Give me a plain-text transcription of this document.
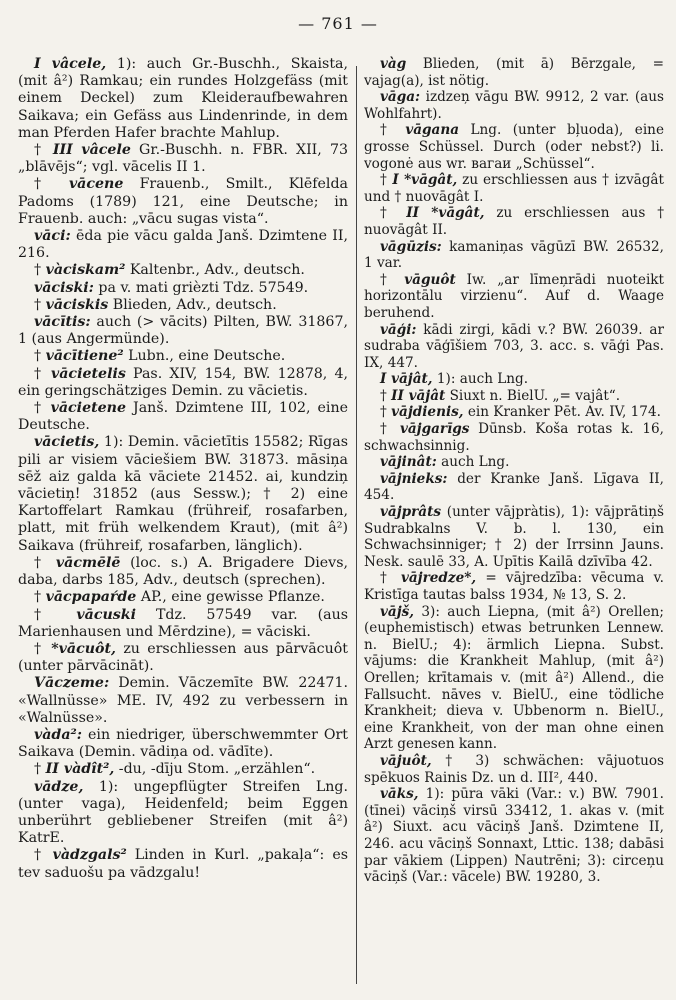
— 761 —

I vâcele, 1): auch Gr.-Buschh., Skaista, (mit â²) Ramkau; ein rundes Holzgefäss (mit einem Deckel) zum Kleideraufbewahren Saikava; ein Gefäss aus Lindenrinde, in dem man Pferden Hafer brachte Mahlup.

† III vâcele Gr.-Buschh. n. FBR. XII, 73 „blāvējs“; vgl. vācelis II 1.

† vācene Frauenb., Smilt., Klēfelda Padoms (1789) 121, eine Deutsche; in Frauenb. auch: „vācu sugas vista“.

vāci: ēda pie vācu galda Janš. Dzimtene II, 216.

† vàciskam² Kaltenbr., Adv., deutsch.

vāciski: pa v. mati grièzti Tdz. 57549.

† vāciskis Blieden, Adv., deutsch.

vācītis: auch (> vācits) Pilten, BW. 31867, 1 (aus Angermünde).

† vācītiene² Lubn., eine Deutsche.

† vācietelis Pas. XIV, 154, BW. 12878, 4, ein geringschätziges Demin. zu vācietis.

† vācietene Janš. Dzimtene III, 102, eine Deutsche.

vācietis, 1): Demin. vācietītis 15582; Rīgas pili ar visiem vāciešiem BW. 31873. māsiņa sēž aiz galda kā vāciete 21452. ai, kundziņ vācietiņ! 31852 (aus Sessw.); † 2) eine Kartoffelart Ramkau (frühreif, rosafarben, platt, mit früh welkendem Kraut), (mit â²) Saikava (frühreif, rosafarben, länglich).

† vācmēlē (loc. s.) A. Brigadere Dievs, daba, darbs 185, Adv., deutsch (sprechen).

† vācpapaŕde AP., eine gewisse Pflanze.

† vācuski Tdz. 57549 var. (aus Marienhausen und Mērdzine), = vāciski.

† *vācuôt, zu erschliessen aus pārvācuôt (unter pārvācināt).

Vāczeme: Demin. Vāczemīte BW. 22471. «Wallnüsse» ME. IV, 492 zu verbessern in «Walnüsse».

vàda²: ein niedriger, überschwemmter Ort Saikava (Demin. vādiņa od. vādīte).

† II vàdît², -du, -dīju Stom. „erzählen“.

vādze, 1): ungepflügter Streifen Lng. (unter vaga), Heidenfeld; beim Eggen unberührt gebliebener Streifen (mit â²) KatrE.

† vàdzgals² Linden in Kurl. „pakaļa“: es tev saduošu pa vādzgalu!

vàg Blieden, (mit ā) Bērzgale, = vajag(a), ist nötig.

vāga: izdzeņ vāgu BW. 9912, 2 var. (aus Wohlfahrt).

† vāgana Lng. (unter bļuoda), eine grosse Schüssel. Durch (oder nebst?) li. vogonė aus wr. вагаи „Schüssel“.

† I *vāgât, zu erschliessen aus † izvāgât und † nuovāgât I.

† II *vāgât, zu erschliessen aus † nuovāgât II.

vāgūzis: kamaniņas vāgūzī BW. 26532, 1 var.

† vāguôt Iw. „ar līmeņrādi nuoteikt horizontālu virzienu“. Auf d. Waage beruhend.

vāģi: kādi zirgi, kādi v.? BW. 26039. ar sudraba vāģīšiem 703, 3. acc. s. vāģi Pas. IX, 447.

I vājât, 1): auch Lng.

† II vājât Siuxt n. BielU. „= vajât“.

† vājdienis, ein Kranker Pēt. Av. IV, 174.

† vājgarīgs Dūnsb. Koša rotas k. 16, schwachsinnig.

vājinât: auch Lng.

vājnieks: der Kranke Janš. Līgava II, 454.

vājprâts (unter vājpràtis), 1): vājprātiņš Sudrabkalns V. b. l. 130, ein Schwachsinniger; † 2) der Irrsinn Jauns. Nesk. saulē 33, A. Upītis Kailā dzīvība 42.

† vājredze*, = vājredzība: vēcuma v. Kristīga tautas balss 1934, № 13, S. 2.

vājš, 3): auch Liepna, (mit â²) Orellen; (euphemistisch) etwas betrunken Lennew. n. BielU.; 4): ärmlich Liepna. Subst. vājums: die Krankheit Mahlup, (mit â²) Orellen; krītamais v. (mit â²) Allend., die Fallsucht. nāves v. BielU., eine tödliche Krankheit; dieva v. Ubbenorm n. BielU., eine Krankheit, von der man ohne einen Arzt genesen kann.

vājuôt, † 3) schwächen: vājuotuos spēkuos Rainis Dz. un d. III², 440.

vāks, 1): pūra vāki (Var.: v.) BW. 7901. (tīnei) vāciņš virsū 33412, 1. akas v. (mit â²) Siuxt. acu vāciņš Janš. Dzimtene II, 246. acu vāciņš Sonnaxt, Lttic. 138; dabāsi par vākiem (Lippen) Nautrēni; 3): circeņu vāciņš (Var.: vācele) BW. 19280, 3.
